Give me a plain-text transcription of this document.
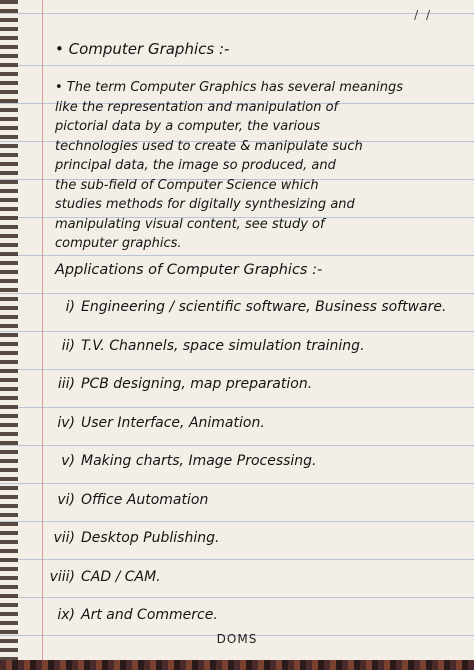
/ /
• Computer Graphics :-

• The term Computer Graphics has several meanings

like the representation and manipulation of

pictorial data by a computer, the various

technologies used to create & manipulate such

principal data, the image so produced, and

the sub-field of Computer Science which

studies methods for digitally synthesizing and

manipulating visual content, see study of

computer graphics.

Applications of Computer Graphics :-
i) Engineering / scientific software, Business software.
ii) T.V. Channels, space simulation training.
iii) PCB designing, map preparation.
iv) User Interface, Animation.
v) Making charts, Image Processing.
vi) Office Automation
vii) Desktop Publishing.
viii) CAD / CAM.
ix) Art and Commerce.
DOMS
